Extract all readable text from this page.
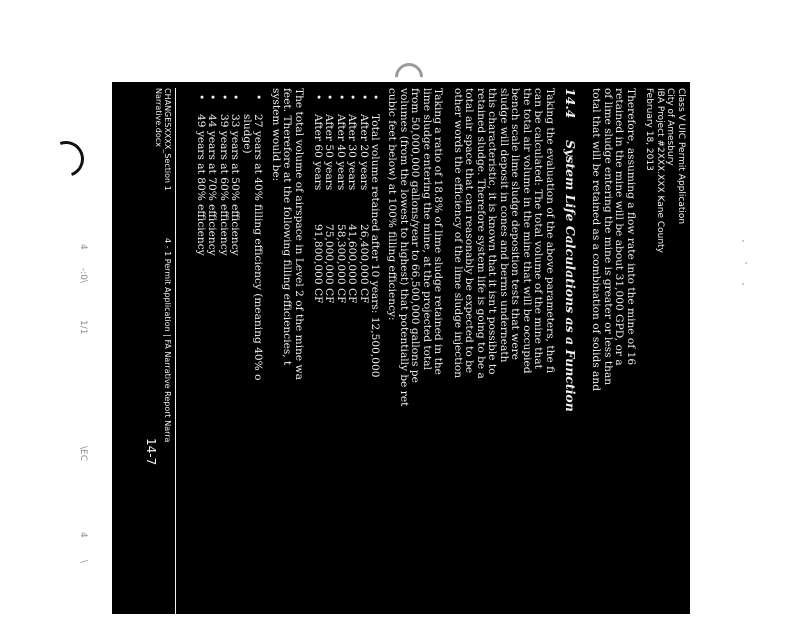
4
-:0\
1/1
\EC
4
\
Class V UIC Permit Application
City of Amesbury
IBA Project #2XXX.XXX Kane County
February 18, 2013

Therefore, assuming a flow rate into the mine of 16
retained in the mine will be about 31,000 GPD, or a
of lime sludge entering the mine is greater or less than
total that will be retained as a combination of solids and

14.4System Life Calculations as a Function

Taking the evaluation of the above parameters, the fi
can be calculated: The total volume of the mine that
the total air volume in the mine that will be occupied
bench scale lime sludge deposition tests that were
sludge will deposit in cones and berms underneath
this characteristic, it is known that it isn't possible to
retained sludge. Therefore system life is going to be a
total air space that can reasonably be expected to be
other words the efficiency of the lime sludge injection

Taking a ratio of 18.8% of lime sludge retained in the
lime sludge entering the mine, at the projected total
from 50,000,000 gallons/year to 66,500,000 gallons pe
volumes (from the lowest to highest) that potentially be ret
cubic feet below) at 100% filling efficiency:

• Total volume retained after 10 years: 12,500,000
• After 20 years26,400,000 CF
• After 30 years41,600,000 CF
• After 40 years58,300,000 CF
• After 50 years75,000,000 CF
• After 60 years91,800,000 CF

The total volume of airspace in Level 2 of the mine wa
feet. Therefore at the following filling efficiencies, t
system would be:

• 27 years at 40% filling efficiency (meaning 40% o
sludge)
• 33 years at 50% efficiency
• 39 years at 60% efficiency
• 44 years at 70% efficiency
• 49 years at 80% efficiency
CHANGESXXXX_Section 1
Narrative.docx
4 - 1 Permit Application | FA Narrative Report Narra
14-7
